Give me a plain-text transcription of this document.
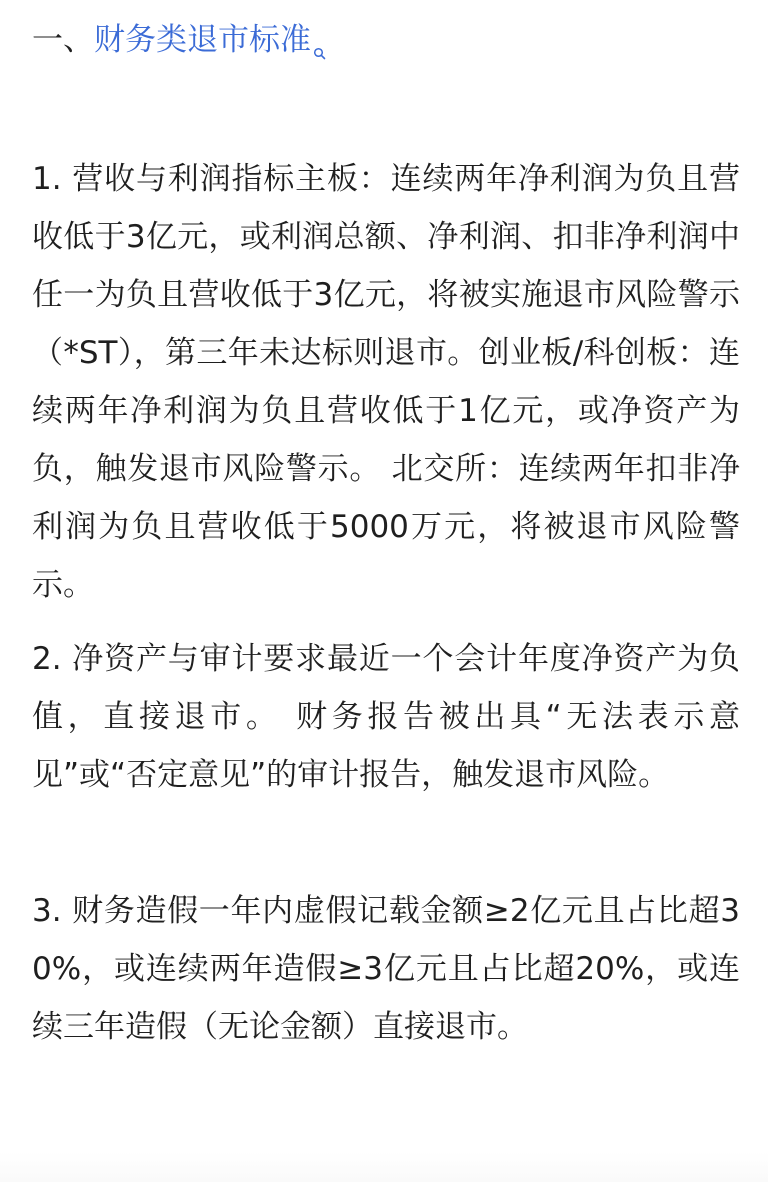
一、财务类退市标准
1. 营收与利润指标主板：连续两年净利润为负且营收低于3亿元，或利润总额、净利润、扣非净利润中任一为负且营收低于3亿元，将被实施退市风险警示（*ST），第三年未达标则退市。创业板/科创板：连续两年净利润为负且营收低于1亿元，或净资产为负，触发退市风险警示。 北交所：连续两年扣非净利润为负且营收低于5000万元，将被退市风险警示。
2. 净资产与审计要求最近一个会计年度净资产为负值，直接退市。 财务报告被出具“无法表示意见”或“否定意见”的审计报告，触发退市风险。
3. 财务造假一年内虚假记载金额≥2亿元且占比超30%，或连续两年造假≥3亿元且占比超20%，或连续三年造假（无论金额）直接退市。
